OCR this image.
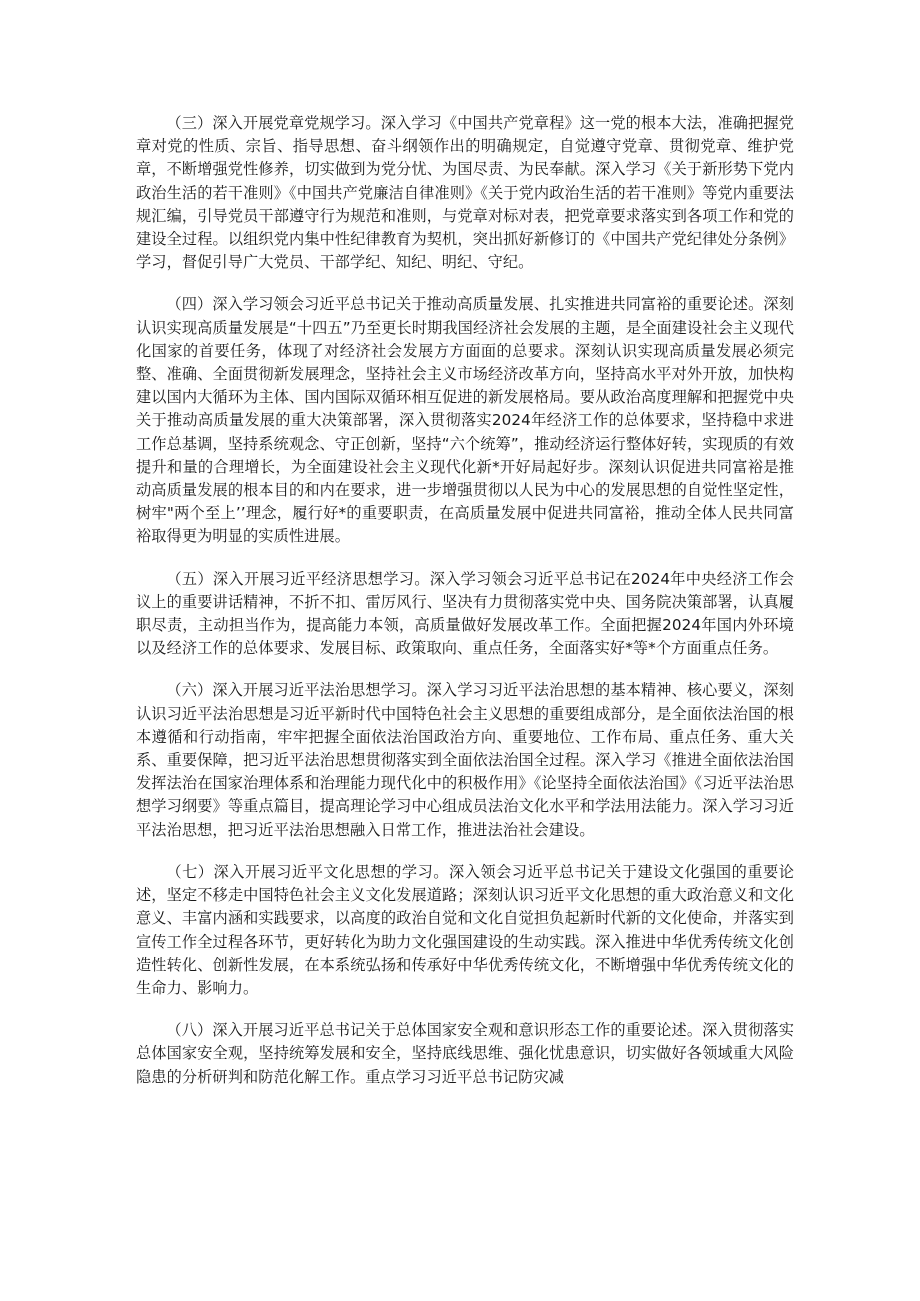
（三）深入开展党章党规学习。深入学习《中国共产党章程》这一党的根本大法，准确把握党章对党的性质、宗旨、指导思想、奋斗纲领作出的明确规定，自觉遵守党章、贯彻党章、维护党章，不断增强党性修养，切实做到为党分忧、为国尽责、为民奉献。深入学习《关于新形势下党内政治生活的若干准则》《中国共产党廉洁自律准则》《关于党内政治生活的若干准则》等党内重要法规汇编，引导党员干部遵守行为规范和准则，与党章对标对表，把党章要求落实到各项工作和党的建设全过程。以组织党内集中性纪律教育为契机，突出抓好新修订的《中国共产党纪律处分条例》学习，督促引导广大党员、干部学纪、知纪、明纪、守纪。

（四）深入学习领会习近平总书记关于推动高质量发展、扎实推进共同富裕的重要论述。深刻认识实现高质量发展是“十四五”乃至更长时期我国经济社会发展的主题，是全面建设社会主义现代化国家的首要任务，体现了对经济社会发展方方面面的总要求。深刻认识实现高质量发展必须完整、准确、全面贯彻新发展理念，坚持社会主义市场经济改革方向，坚持高水平对外开放，加快构建以国内大循环为主体、国内国际双循环相互促进的新发展格局。要从政治高度理解和把握党中央关于推动高质量发展的重大决策部署，深入贯彻落实2024年经济工作的总体要求，坚持稳中求进工作总基调，坚持系统观念、守正创新，坚持“六个统筹”，推动经济运行整体好转，实现质的有效提升和量的合理增长，为全面建设社会主义现代化新*开好局起好步。深刻认识促进共同富裕是推动高质量发展的根本目的和内在要求，进一步增强贯彻以人民为中心的发展思想的自觉性坚定性，树牢"两个至上’’理念，履行好*的重要职责，在高质量发展中促进共同富裕，推动全体人民共同富裕取得更为明显的实质性进展。

（五）深入开展习近平经济思想学习。深入学习领会习近平总书记在2024年中央经济工作会议上的重要讲话精神，不折不扣、雷厉风行、坚决有力贯彻落实党中央、国务院决策部署，认真履职尽责，主动担当作为，提高能力本领，高质量做好发展改革工作。全面把握2024年国内外环境以及经济工作的总体要求、发展目标、政策取向、重点任务，全面落实好*等*个方面重点任务。

（六）深入开展习近平法治思想学习。深入学习习近平法治思想的基本精神、核心要义，深刻认识习近平法治思想是习近平新时代中国特色社会主义思想的重要组成部分，是全面依法治国的根本遵循和行动指南，牢牢把握全面依法治国政治方向、重要地位、工作布局、重点任务、重大关系、重要保障，把习近平法治思想贯彻落实到全面依法治国全过程。深入学习《推进全面依法治国发挥法治在国家治理体系和治理能力现代化中的积极作用》《论坚持全面依法治国》《习近平法治思想学习纲要》等重点篇目，提高理论学习中心组成员法治文化水平和学法用法能力。深入学习习近平法治思想，把习近平法治思想融入日常工作，推进法治社会建设。

（七）深入开展习近平文化思想的学习。深入领会习近平总书记关于建设文化强国的重要论述，坚定不移走中国特色社会主义文化发展道路；深刻认识习近平文化思想的重大政治意义和文化意义、丰富内涵和实践要求，以高度的政治自觉和文化自觉担负起新时代新的文化使命，并落实到宣传工作全过程各环节，更好转化为助力文化强国建设的生动实践。深入推进中华优秀传统文化创造性转化、创新性发展，在本系统弘扬和传承好中华优秀传统文化，不断增强中华优秀传统文化的生命力、影响力。

（八）深入开展习近平总书记关于总体国家安全观和意识形态工作的重要论述。深入贯彻落实总体国家安全观，坚持统筹发展和安全，坚持底线思维、强化忧患意识，切实做好各领域重大风险隐患的分析研判和防范化解工作。重点学习习近平总书记防灾减
